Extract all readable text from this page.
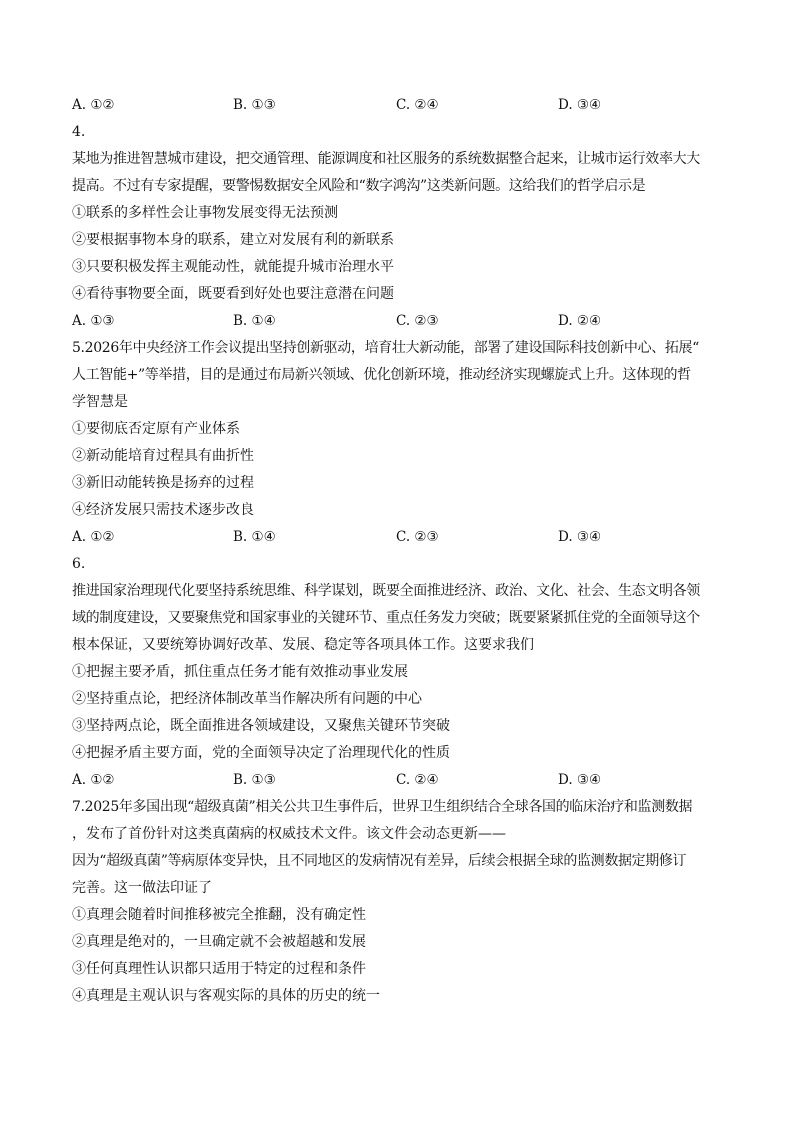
A. ①②	B. ①③	C. ②④	D. ③④
4.
某地为推进智慧城市建设，把交通管理、能源调度和社区服务的系统数据整合起来，让城市运行效率大大
提高。不过有专家提醒，要警惕数据安全风险和“数字鸿沟”这类新问题。这给我们的哲学启示是
①联系的多样性会让事物发展变得无法预测
②要根据事物本身的联系，建立对发展有利的新联系
③只要积极发挥主观能动性，就能提升城市治理水平
④看待事物要全面，既要看到好处也要注意潜在问题
A. ①③	B. ①④	C. ②③	D. ②④
5.2026年中央经济工作会议提出坚持创新驱动，培育壮大新动能，部署了建设国际科技创新中心、拓展“
人工智能+”等举措，目的是通过布局新兴领域、优化创新环境，推动经济实现螺旋式上升。这体现的哲
学智慧是
①要彻底否定原有产业体系
②新动能培育过程具有曲折性
③新旧动能转换是扬弃的过程
④经济发展只需技术逐步改良
A. ①②	B. ①④	C. ②③	D. ③④
6.
推进国家治理现代化要坚持系统思维、科学谋划，既要全面推进经济、政治、文化、社会、生态文明各领
域的制度建设，又要聚焦党和国家事业的关键环节、重点任务发力突破；既要紧紧抓住党的全面领导这个
根本保证，又要统筹协调好改革、发展、稳定等各项具体工作。这要求我们
①把握主要矛盾，抓住重点任务才能有效推动事业发展
②坚持重点论，把经济体制改革当作解决所有问题的中心
③坚持两点论，既全面推进各领域建设，又聚焦关键环节突破
④把握矛盾主要方面，党的全面领导决定了治理现代化的性质
A. ①②	B. ①③	C. ②④	D. ③④
7.2025年多国出现“超级真菌”相关公共卫生事件后，世界卫生组织结合全球各国的临床治疗和监测数据
，发布了首份针对这类真菌病的权威技术文件。该文件会动态更新——
因为“超级真菌”等病原体变异快，且不同地区的发病情况有差异，后续会根据全球的监测数据定期修订
完善。这一做法印证了
①真理会随着时间推移被完全推翻，没有确定性
②真理是绝对的，一旦确定就不会被超越和发展
③任何真理性认识都只适用于特定的过程和条件
④真理是主观认识与客观实际的具体的历史的统一
